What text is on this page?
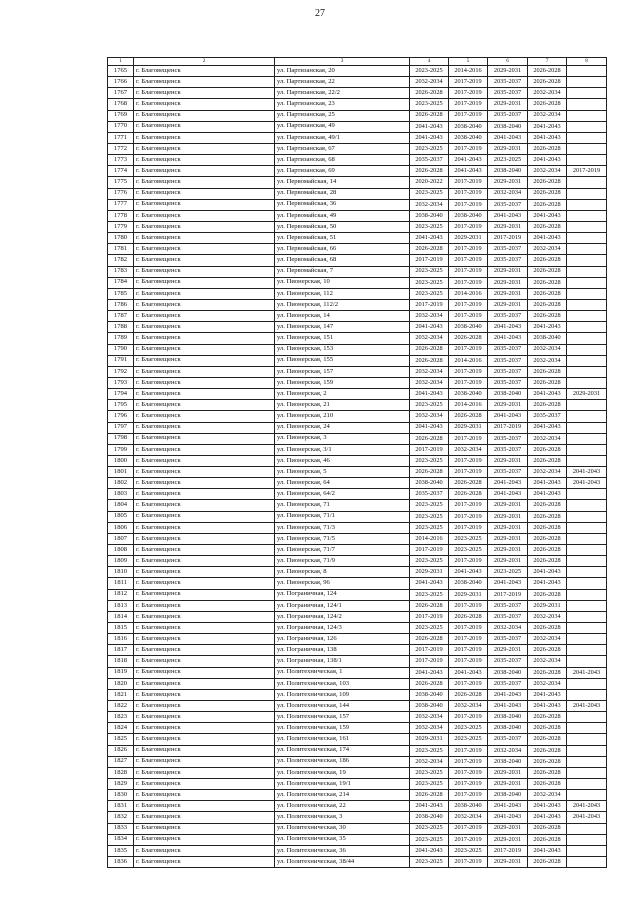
27
1	2	3	4	5	6	7	8
1765	г. Благовещенск	ул. Партизанская, 20	2023-2025	2014-2016	2029-2031	2026-2028	
1766	г. Благовещенск	ул. Партизанская, 22	2032-2034	2017-2019	2035-2037	2026-2028	
1767	г. Благовещенск	ул. Партизанская, 22/2	2026-2028	2017-2019	2035-2037	2032-2034	
1768	г. Благовещенск	ул. Партизанская, 23	2023-2025	2017-2019	2029-2031	2026-2028	
1769	г. Благовещенск	ул. Партизанская, 25	2026-2028	2017-2019	2035-2037	2032-2034	
1770	г. Благовещенск	ул. Партизанская, 49	2041-2043	2038-2040	2038-2040	2041-2043	
1771	г. Благовещенск	ул. Партизанская, 49/1	2041-2043	2038-2040	2041-2043	2041-2043	
1772	г. Благовещенск	ул. Партизанская, 67	2023-2025	2017-2019	2029-2031	2026-2028	
1773	г. Благовещенск	ул. Партизанская, 68	2035-2037	2041-2043	2023-2025	2041-2043	
1774	г. Благовещенск	ул. Партизанская, 69	2026-2028	2041-2043	2038-2040	2032-2034	2017-2019
1775	г. Благовещенск	ул. Первомайская, 14	2020-2022	2017-2019	2029-2031	2026-2028	
1776	г. Благовещенск	ул. Первомайская, 28	2023-2025	2017-2019	2032-2034	2026-2028	
1777	г. Благовещенск	ул. Первомайская, 36	2032-2034	2017-2019	2035-2037	2026-2028	
1778	г. Благовещенск	ул. Первомайская, 49	2038-2040	2038-2040	2041-2043	2041-2043	
1779	г. Благовещенск	ул. Первомайская, 50	2023-2025	2017-2019	2029-2031	2026-2028	
1780	г. Благовещенск	ул. Первомайская, 51	2041-2043	2029-2031	2017-2019	2041-2043	
1781	г. Благовещенск	ул. Первомайская, 66	2026-2028	2017-2019	2035-2037	2032-2034	
1782	г. Благовещенск	ул. Первомайская, 68	2017-2019	2017-2019	2035-2037	2026-2028	
1783	г. Благовещенск	ул. Первомайская, 7	2023-2025	2017-2019	2029-2031	2026-2028	
1784	г. Благовещенск	ул. Пионерская, 10	2023-2025	2017-2019	2029-2031	2026-2028	
1785	г. Благовещенск	ул. Пионерская, 112	2023-2025	2014-2016	2029-2031	2026-2028	
1786	г. Благовещенск	ул. Пионерская, 112/2	2017-2019	2017-2019	2029-2031	2026-2028	
1787	г. Благовещенск	ул. Пионерская, 14	2032-2034	2017-2019	2035-2037	2026-2028	
1788	г. Благовещенск	ул. Пионерская, 147	2041-2043	2038-2040	2041-2043	2041-2043	
1789	г. Благовещенск	ул. Пионерская, 151	2032-2034	2026-2028	2041-2043	2038-2040	
1790	г. Благовещенск	ул. Пионерская, 153	2026-2028	2017-2019	2035-2037	2032-2034	
1791	г. Благовещенск	ул. Пионерская, 155	2026-2028	2014-2016	2035-2037	2032-2034	
1792	г. Благовещенск	ул. Пионерская, 157	2032-2034	2017-2019	2035-2037	2026-2028	
1793	г. Благовещенск	ул. Пионерская, 159	2032-2034	2017-2019	2035-2037	2026-2028	
1794	г. Благовещенск	ул. Пионерская, 2	2041-2043	2038-2040	2038-2040	2041-2043	2029-2031
1795	г. Благовещенск	ул. Пионерская, 21	2023-2025	2014-2016	2029-2031	2026-2028	
1796	г. Благовещенск	ул. Пионерская, 210	2032-2034	2026-2028	2041-2043	2035-2037	
1797	г. Благовещенск	ул. Пионерская, 24	2041-2043	2029-2031	2017-2019	2041-2043	
1798	г. Благовещенск	ул. Пионерская, 3	2026-2028	2017-2019	2035-2037	2032-2034	
1799	г. Благовещенск	ул. Пионерская, 3/1	2017-2019	2032-2034	2035-2037	2026-2028	
1800	г. Благовещенск	ул. Пионерская, 46	2023-2025	2017-2019	2029-2031	2026-2028	
1801	г. Благовещенск	ул. Пионерская, 5	2026-2028	2017-2019	2035-2037	2032-2034	2041-2043
1802	г. Благовещенск	ул. Пионерская, 64	2038-2040	2026-2028	2041-2043	2041-2043	2041-2043
1803	г. Благовещенск	ул. Пионерская, 64/2	2035-2037	2026-2028	2041-2043	2041-2043	
1804	г. Благовещенск	ул. Пионерская, 71	2023-2025	2017-2019	2029-2031	2026-2028	
1805	г. Благовещенск	ул. Пионерская, 71/1	2023-2025	2017-2019	2029-2031	2026-2028	
1806	г. Благовещенск	ул. Пионерская, 71/3	2023-2025	2017-2019	2029-2031	2026-2028	
1807	г. Благовещенск	ул. Пионерская, 71/5	2014-2016	2023-2025	2029-2031	2026-2028	
1808	г. Благовещенск	ул. Пионерская, 71/7	2017-2019	2023-2025	2029-2031	2026-2028	
1809	г. Благовещенск	ул. Пионерская, 71/9	2023-2025	2017-2019	2029-2031	2026-2028	
1810	г. Благовещенск	ул. Пионерская, 8	2029-2031	2041-2043	2023-2025	2041-2043	
1811	г. Благовещенск	ул. Пионерская, 96	2041-2043	2038-2040	2041-2043	2041-2043	
1812	г. Благовещенск	ул. Пограничная, 124	2023-2025	2029-2031	2017-2019	2026-2028	
1813	г. Благовещенск	ул. Пограничная, 124/1	2026-2028	2017-2019	2035-2037	2029-2031	
1814	г. Благовещенск	ул. Пограничная, 124/2	2017-2019	2026-2028	2035-2037	2032-2034	
1815	г. Благовещенск	ул. Пограничная, 124/3	2023-2025	2017-2019	2032-2034	2026-2028	
1816	г. Благовещенск	ул. Пограничная, 126	2026-2028	2017-2019	2035-2037	2032-2034	
1817	г. Благовещенск	ул. Пограничная, 138	2017-2019	2017-2019	2029-2031	2026-2028	
1818	г. Благовещенск	ул. Пограничная, 138/1	2017-2019	2017-2019	2035-2037	2032-2034	
1819	г. Благовещенск	ул. Политехническая, 1	2041-2043	2041-2043	2038-2040	2026-2028	2041-2043
1820	г. Благовещенск	ул. Политехническая, 103	2026-2028	2017-2019	2035-2037	2032-2034	
1821	г. Благовещенск	ул. Политехническая, 109	2038-2040	2026-2028	2041-2043	2041-2043	
1822	г. Благовещенск	ул. Политехническая, 144	2038-2040	2032-2034	2041-2043	2041-2043	2041-2043
1823	г. Благовещенск	ул. Политехническая, 157	2032-2034	2017-2019	2038-2040	2026-2028	
1824	г. Благовещенск	ул. Политехническая, 159	2032-2034	2023-2025	2038-2040	2026-2028	
1825	г. Благовещенск	ул. Политехническая, 161	2029-2031	2023-2025	2035-2037	2026-2028	
1826	г. Благовещенск	ул. Политехническая, 174	2023-2025	2017-2019	2032-2034	2026-2028	
1827	г. Благовещенск	ул. Политехническая, 186	2032-2034	2017-2019	2038-2040	2026-2028	
1828	г. Благовещенск	ул. Политехническая, 19	2023-2025	2017-2019	2029-2031	2026-2028	
1829	г. Благовещенск	ул. Политехническая, 19/1	2023-2025	2017-2019	2029-2031	2026-2028	
1830	г. Благовещенск	ул. Политехническая, 214	2026-2028	2017-2019	2038-2040	2032-2034	
1831	г. Благовещенск	ул. Политехническая, 22	2041-2043	2038-2040	2041-2043	2041-2043	2041-2043
1832	г. Благовещенск	ул. Политехническая, 3	2038-2040	2032-2034	2041-2043	2041-2043	2041-2043
1833	г. Благовещенск	ул. Политехническая, 30	2023-2025	2017-2019	2029-2031	2026-2028	
1834	г. Благовещенск	ул. Политехническая, 35	2023-2025	2017-2019	2029-2031	2026-2028	
1835	г. Благовещенск	ул. Политехническая, 36	2041-2043	2023-2025	2017-2019	2041-2043	
1836	г. Благовещенск	ул. Политехническая, 38/44	2023-2025	2017-2019	2029-2031	2026-2028	
